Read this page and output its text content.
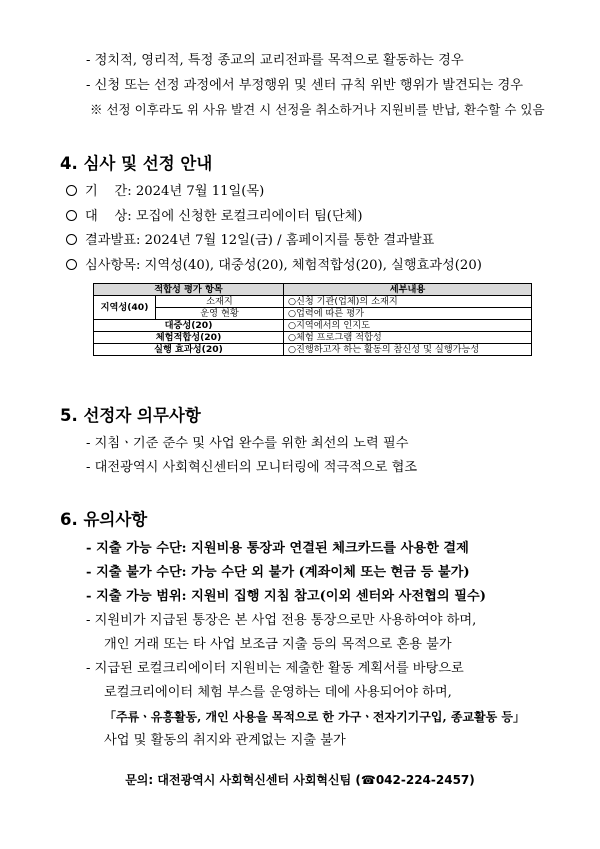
- 정치적, 영리적, 특정 종교의 교리전파를 목적으로 활동하는 경우
- 신청 또는 선정 과정에서 부정행위 및 센터 규칙 위반 행위가 발견되는 경우
※ 선정 이후라도 위 사유 발견 시 선정을 취소하거나 지원비를 반납, 환수할 수 있음
4. 심사 및 선정 안내
기    간: 2024년 7월 11일(목)
대    상: 모집에 신청한 로컬크리에이터 팀(단체)
결과발표: 2024년 7월 12일(금) / 홈페이지를 통한 결과발표
심사항목: 지역성(40), 대중성(20), 체험적합성(20), 실행효과성(20)
적합성 평가 항목		세부내용
지역성(40)	소재지	○신청 기관(업체)의 소재지
	운영 현황	○업력에 따른 평가
대중성(20)		○지역에서의 인지도
체험적합성(20)		○체험 프로그램 적합성
실행 효과성(20)		○진행하고자 하는 활동의 참신성 및 실행가능성
5. 선정자 의무사항
- 지침ㆍ기준 준수 및 사업 완수를 위한 최선의 노력 필수
- 대전광역시 사회혁신센터의 모니터링에 적극적으로 협조
6. 유의사항
- 지출 가능 수단: 지원비용 통장과 연결된 체크카드를 사용한 결제
- 지출 불가 수단: 가능 수단 외 불가 (계좌이체 또는 현금 등 불가)
- 지출 가능 범위: 지원비 집행 지침 참고(이외 센터와 사전협의 필수)
- 지원비가 지급된 통장은 본 사업 전용 통장으로만 사용하여야 하며,
개인 거래 또는 타 사업 보조금 지출 등의 목적으로 혼용 불가
- 지급된 로컬크리에이터 지원비는 제출한 활동 계획서를 바탕으로
로컬크리에이터 체험 부스를 운영하는 데에 사용되어야 하며,
「주류ㆍ유흥활동, 개인 사용을 목적으로 한 가구ㆍ전자기기구입, 종교활동 등」
사업 및 활동의 취지와 관계없는 지출 불가
문의: 대전광역시 사회혁신센터 사회혁신팀 (☎042-224-2457)
